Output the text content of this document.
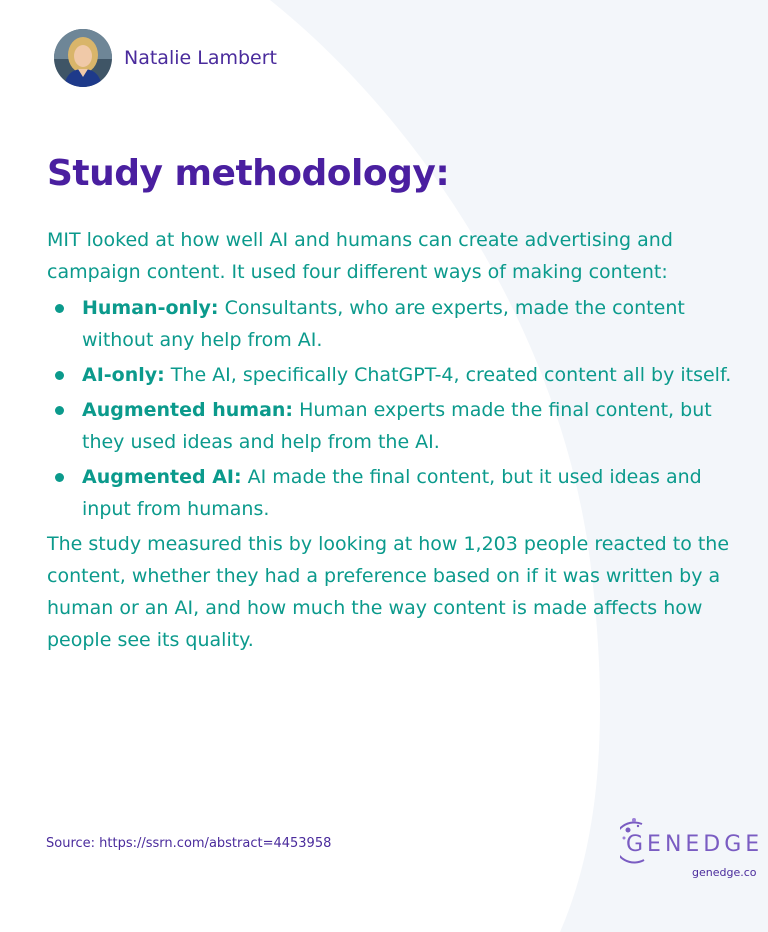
Natalie Lambert
Study methodology:

MIT looked at how well AI and humans can create advertising and campaign content. It used four different ways of making content:

Human-only: Consultants, who are experts, made the content without any help from AI.
AI-only: The AI, specifically ChatGPT-4, created content all by itself.
Augmented human: Human experts made the final content, but they used ideas and help from the AI.
Augmented AI: AI made the final content, but it used ideas and input from humans.

The study measured this by looking at how 1,203 people reacted to the content, whether they had a preference based on if it was written by a human or an AI, and how much the way content is made affects how people see its quality.

Source: https://ssrn.com/abstract=4453958	GENEDGE
genedge.co
